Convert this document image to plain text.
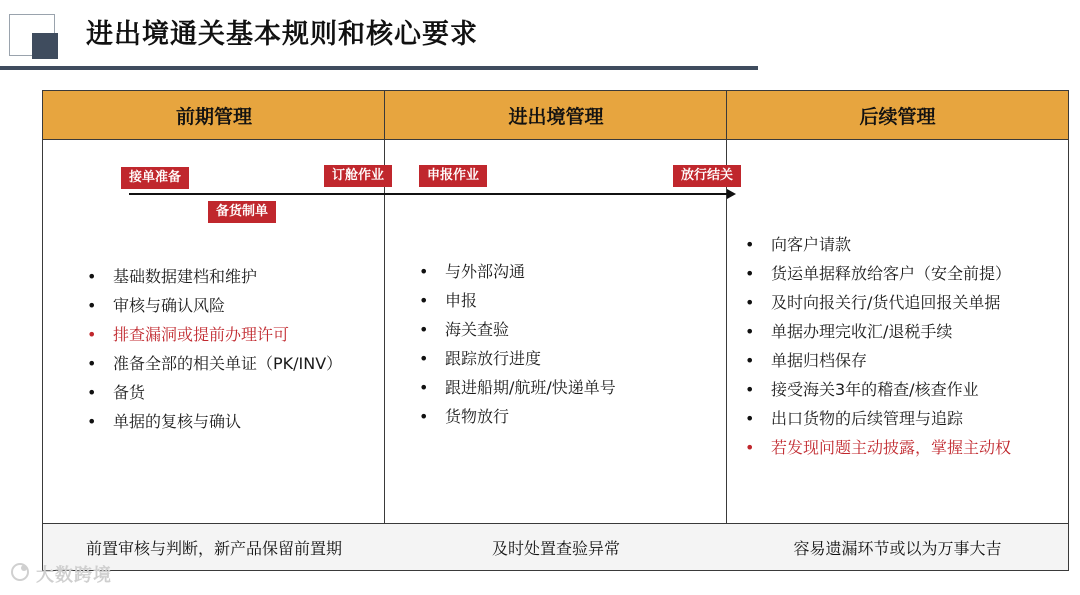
进出境通关基本规则和核心要求
前期管理	进出境管理	后续管理
前置审核与判断，新产品保留前置期	及时处置查验异常	容易遗漏环节或以为万事大吉
接单准备
备货制单
订舱作业	申报作业	放行结关
• 基础数据建档和维护
• 审核与确认风险
• 排查漏洞或提前办理许可
• 准备全部的相关单证（PK/INV）
• 备货
• 单据的复核与确认
• 与外部沟通
• 申报
• 海关查验
• 跟踪放行进度
• 跟进船期/航班/快递单号
• 货物放行
• 向客户请款
• 货运单据释放给客户（安全前提）
• 及时向报关行/货代追回报关单据
• 单据办理完收汇/退税手续
• 单据归档保存
• 接受海关3年的稽查/核查作业
• 出口货物的后续管理与追踪
• 若发现问题主动披露，掌握主动权
大数跨境
